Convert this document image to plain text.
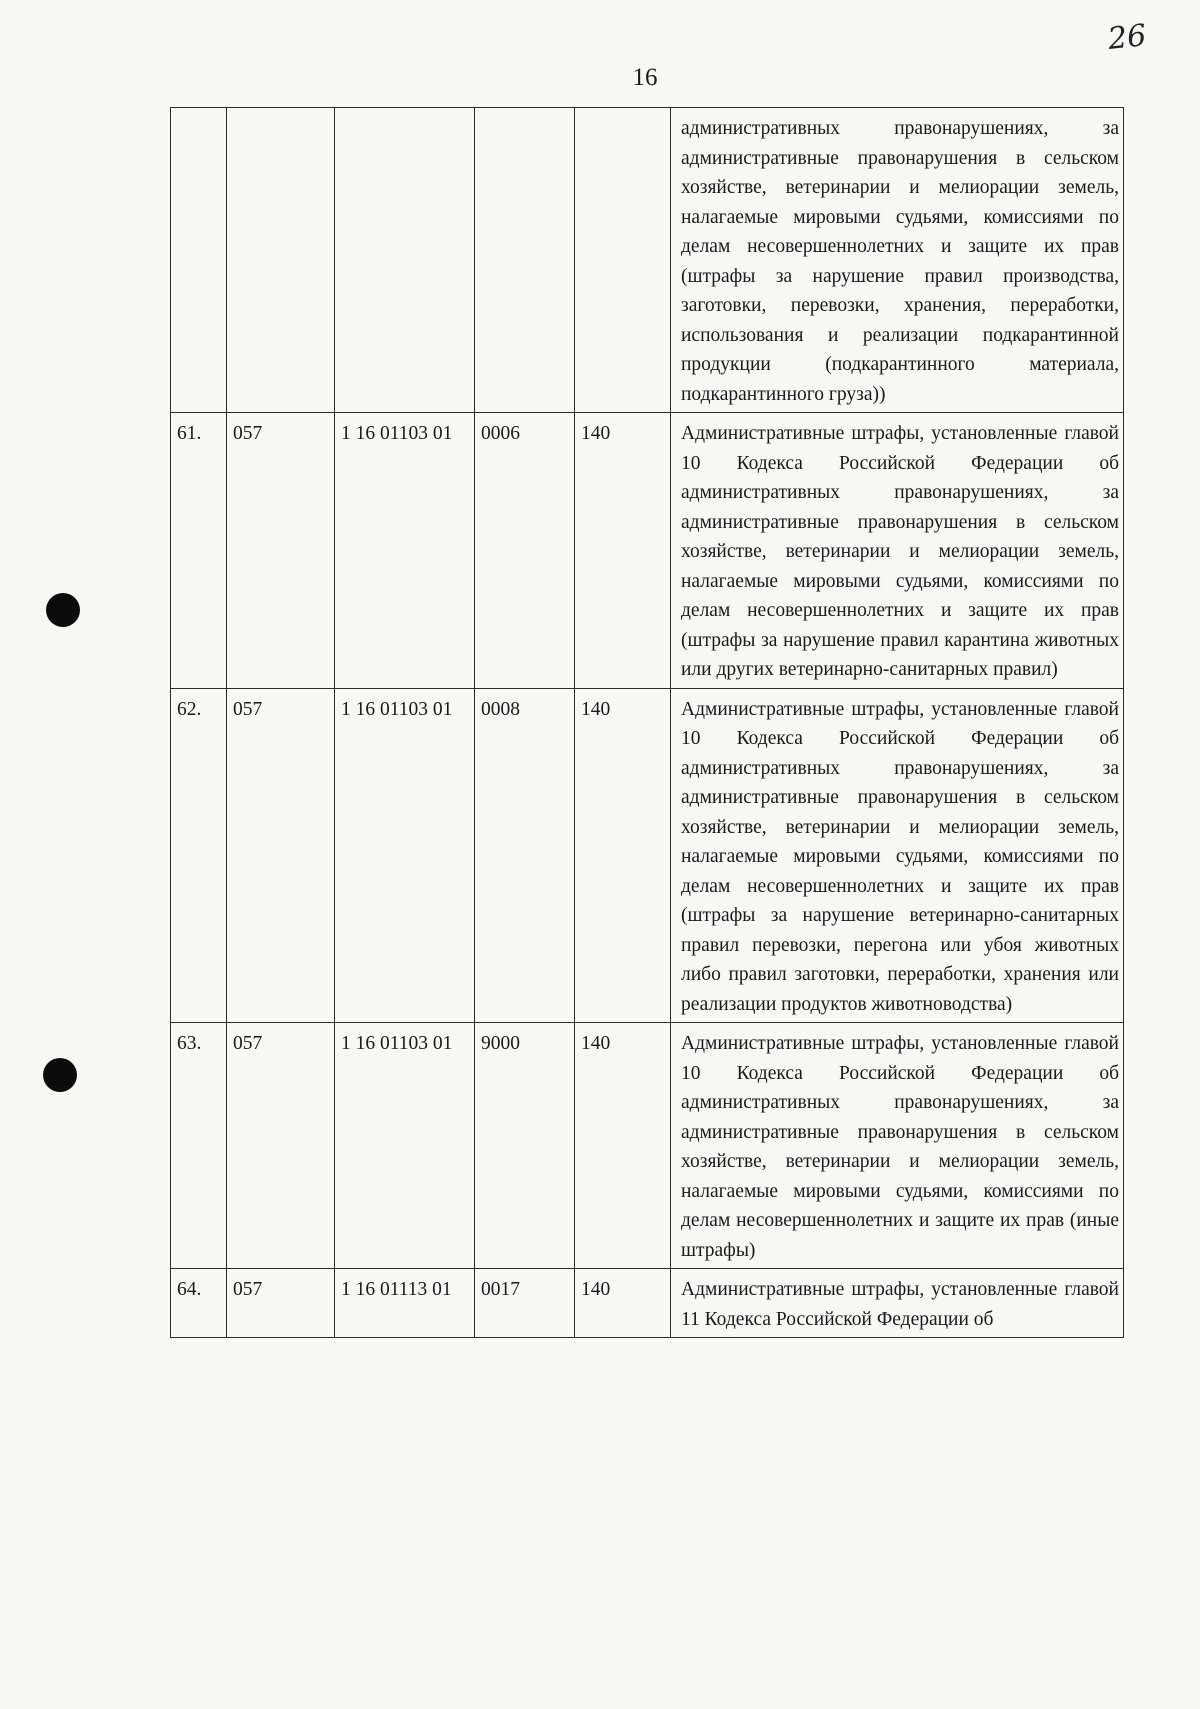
26
16
					административных правонарушениях, за административные правонарушения в сельском хозяйстве, ветеринарии и мелиорации земель, налагаемые мировыми судьями, комиссиями по делам несовершеннолетних и защите их прав (штрафы за нарушение правил производства, заготовки, перевозки, хранения, переработки, использования и реализации подкарантинной продукции (подкарантинного материала, подкарантинного груза))
61.	057	1 16 01103 01	0006	140	Административные штрафы, установленные главой 10 Кодекса Российской Федерации об административных правонарушениях, за административные правонарушения в сельском хозяйстве, ветеринарии и мелиорации земель, налагаемые мировыми судьями, комиссиями по делам несовершеннолетних и защите их прав (штрафы за нарушение правил карантина животных или других ветеринарно-санитарных правил)
62.	057	1 16 01103 01	0008	140	Административные штрафы, установленные главой 10 Кодекса Российской Федерации об административных правонарушениях, за административные правонарушения в сельском хозяйстве, ветеринарии и мелиорации земель, налагаемые мировыми судьями, комиссиями по делам несовершеннолетних и защите их прав (штрафы за нарушение ветеринарно-санитарных правил перевозки, перегона или убоя животных либо правил заготовки, переработки, хранения или реализации продуктов животноводства)
63.	057	1 16 01103 01	9000	140	Административные штрафы, установленные главой 10 Кодекса Российской Федерации об административных правонарушениях, за административные правонарушения в сельском хозяйстве, ветеринарии и мелиорации земель, налагаемые мировыми судьями, комиссиями по делам несовершеннолетних и защите их прав (иные штрафы)
64.	057	1 16 01113 01	0017	140	Административные штрафы, установленные главой 11 Кодекса Российской Федерации об
